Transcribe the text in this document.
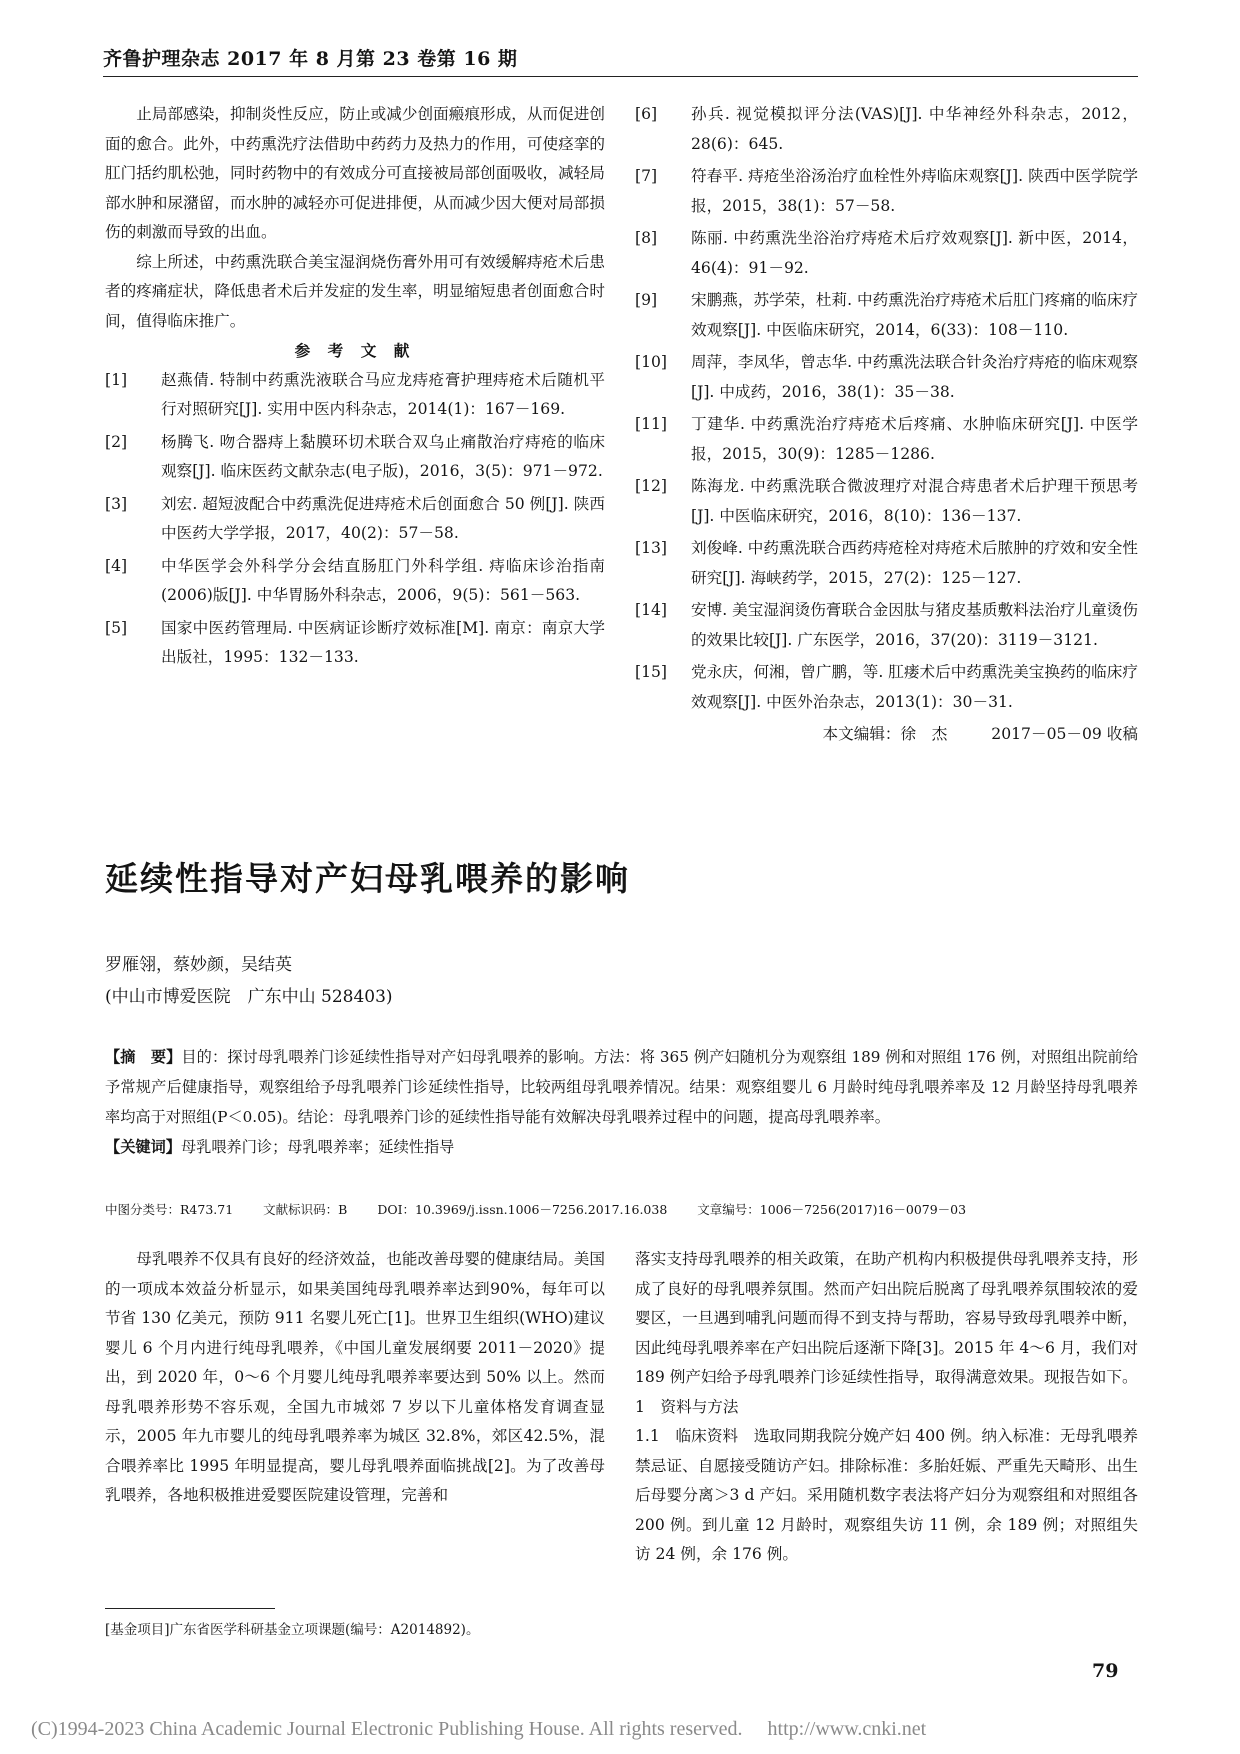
齐鲁护理杂志 2017 年 8 月第 23 卷第 16 期

止局部感染，抑制炎性反应，防止或减少创面瘢痕形成，从而促进创面的愈合。此外，中药熏洗疗法借助中药药力及热力的作用，可使痉挛的肛门括约肌松弛，同时药物中的有效成分可直接被局部创面吸收，减轻局部水肿和尿潴留，而水肿的减轻亦可促进排便，从而减少因大便对局部损伤的刺激而导致的出血。

综上所述，中药熏洗联合美宝湿润烧伤膏外用可有效缓解痔疮术后患者的疼痛症状，降低患者术后并发症的发生率，明显缩短患者创面愈合时间，值得临床推广。

参 考 文 献

[1]	赵燕倩. 特制中药熏洗液联合马应龙痔疮膏护理痔疮术后随机平行对照研究[J]. 实用中医内科杂志，2014(1)：167－169.
[2]	杨腾飞. 吻合器痔上黏膜环切术联合双乌止痛散治疗痔疮的临床观察[J]. 临床医药文献杂志(电子版)，2016，3(5)：971－972.
[3]	刘宏. 超短波配合中药熏洗促进痔疮术后创面愈合 50 例[J]. 陕西中医药大学学报，2017，40(2)：57－58.
[4]	中华医学会外科学分会结直肠肛门外科学组. 痔临床诊治指南(2006)版[J]. 中华胃肠外科杂志，2006，9(5)：561－563.
[5]	国家中医药管理局. 中医病证诊断疗效标准[M]. 南京：南京大学出版社，1995：132－133.
[6]	孙兵. 视觉模拟评分法(VAS)[J]. 中华神经外科杂志，2012，28(6)：645.
[7]	符春平. 痔疮坐浴汤治疗血栓性外痔临床观察[J]. 陕西中医学院学报，2015，38(1)：57－58.
[8]	陈丽. 中药熏洗坐浴治疗痔疮术后疗效观察[J]. 新中医，2014，46(4)：91－92.
[9]	宋鹏燕，苏学荣，杜莉. 中药熏洗治疗痔疮术后肛门疼痛的临床疗效观察[J]. 中医临床研究，2014，6(33)：108－110.
[10]	周萍，李凤华，曾志华. 中药熏洗法联合针灸治疗痔疮的临床观察[J]. 中成药，2016，38(1)：35－38.
[11]	丁建华. 中药熏洗治疗痔疮术后疼痛、水肿临床研究[J]. 中医学报，2015，30(9)：1285－1286.
[12]	陈海龙. 中药熏洗联合微波理疗对混合痔患者术后护理干预思考[J]. 中医临床研究，2016，8(10)：136－137.
[13]	刘俊峰. 中药熏洗联合西药痔疮栓对痔疮术后脓肿的疗效和安全性研究[J]. 海峡药学，2015，27(2)：125－127.
[14]	安博. 美宝湿润烫伤膏联合金因肽与猪皮基质敷料法治疗儿童烫伤的效果比较[J]. 广东医学，2016，37(20)：3119－3121.
[15]	党永庆，何湘，曾广鹏，等. 肛瘘术后中药熏洗美宝换药的临床疗效观察[J]. 中医外治杂志，2013(1)：30－31.
本文编辑：徐　杰	2017－05－09 收稿
延续性指导对产妇母乳喂养的影响
罗雁翎，蔡妙颜，吴结英
(中山市博爱医院　广东中山 528403)

【摘　要】目的：探讨母乳喂养门诊延续性指导对产妇母乳喂养的影响。方法：将 365 例产妇随机分为观察组 189 例和对照组 176 例，对照组出院前给予常规产后健康指导，观察组给予母乳喂养门诊延续性指导，比较两组母乳喂养情况。结果：观察组婴儿 6 月龄时纯母乳喂养率及 12 月龄坚持母乳喂养率均高于对照组(P＜0.05)。结论：母乳喂养门诊的延续性指导能有效解决母乳喂养过程中的问题，提高母乳喂养率。

【关键词】母乳喂养门诊；母乳喂养率；延续性指导

中图分类号：R473.71 文献标识码：B DOI：10.3969/j.issn.1006－7256.2017.16.038 文章编号：1006－7256(2017)16－0079－03

母乳喂养不仅具有良好的经济效益，也能改善母婴的健康结局。美国的一项成本效益分析显示，如果美国纯母乳喂养率达到90%，每年可以节省 130 亿美元，预防 911 名婴儿死亡[1]。世界卫生组织(WHO)建议婴儿 6 个月内进行纯母乳喂养，《中国儿童发展纲要 2011－2020》提出，到 2020 年，0～6 个月婴儿纯母乳喂养率要达到 50% 以上。然而母乳喂养形势不容乐观，全国九市城郊 7 岁以下儿童体格发育调查显示，2005 年九市婴儿的纯母乳喂养率为城区 32.8%，郊区42.5%，混合喂养率比 1995 年明显提高，婴儿母乳喂养面临挑战[2]。为了改善母乳喂养，各地积极推进爱婴医院建设管理，完善和

落实支持母乳喂养的相关政策，在助产机构内积极提供母乳喂养支持，形成了良好的母乳喂养氛围。然而产妇出院后脱离了母乳喂养氛围较浓的爱婴区，一旦遇到哺乳问题而得不到支持与帮助，容易导致母乳喂养中断，因此纯母乳喂养率在产妇出院后逐渐下降[3]。2015 年 4～6 月，我们对 189 例产妇给予母乳喂养门诊延续性指导，取得满意效果。现报告如下。

1　资料与方法

1.1　临床资料　 选取同期我院分娩产妇 400 例。纳入标准：无母乳喂养禁忌证、自愿接受随访产妇。排除标准：多胎妊娠、严重先天畸形、出生后母婴分离＞3 d 产妇。采用随机数字表法将产妇分为观察组和对照组各 200 例。到儿童 12 月龄时，观察组失访 11 例，余 189 例；对照组失访 24 例，余 176 例。

[基金项目]广东省医学科研基金立项课题(编号：A2014892)。
79
(C)1994-2023 China Academic Journal Electronic Publishing House. All rights reserved.　 http://www.cnki.net
